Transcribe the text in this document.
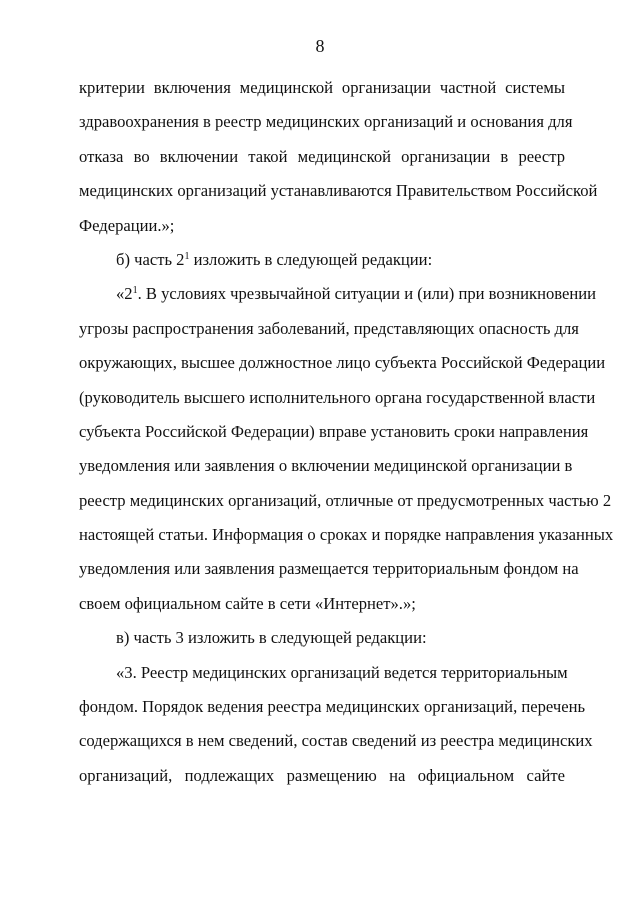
8
критерии включения медицинской организации частной системы
здравоохранения в реестр медицинских организаций и основания для
отказа во включении такой медицинской организации в реестр
медицинских организаций устанавливаются Правительством Российской
Федерации.»;
б) часть $2^1$ изложить в следующей редакции:
«$2^1$. В условиях чрезвычайной ситуации и (или) при возникновении
угрозы распространения заболеваний, представляющих опасность для
окружающих, высшее должностное лицо субъекта Российской Федерации
(руководитель высшего исполнительного органа государственной власти
субъекта Российской Федерации) вправе установить сроки направления
уведомления или заявления о включении медицинской организации в
реестр медицинских организаций, отличные от предусмотренных частью 2
настоящей статьи. Информация о сроках и порядке направления указанных
уведомления или заявления размещается территориальным фондом на
своем официальном сайте в сети «Интернет».»;
в) часть 3 изложить в следующей редакции:
«3. Реестр медицинских организаций ведется территориальным
фондом. Порядок ведения реестра медицинских организаций, перечень
содержащихся в нем сведений, состав сведений из реестра медицинских
организаций, подлежащих размещению на официальном сайте
